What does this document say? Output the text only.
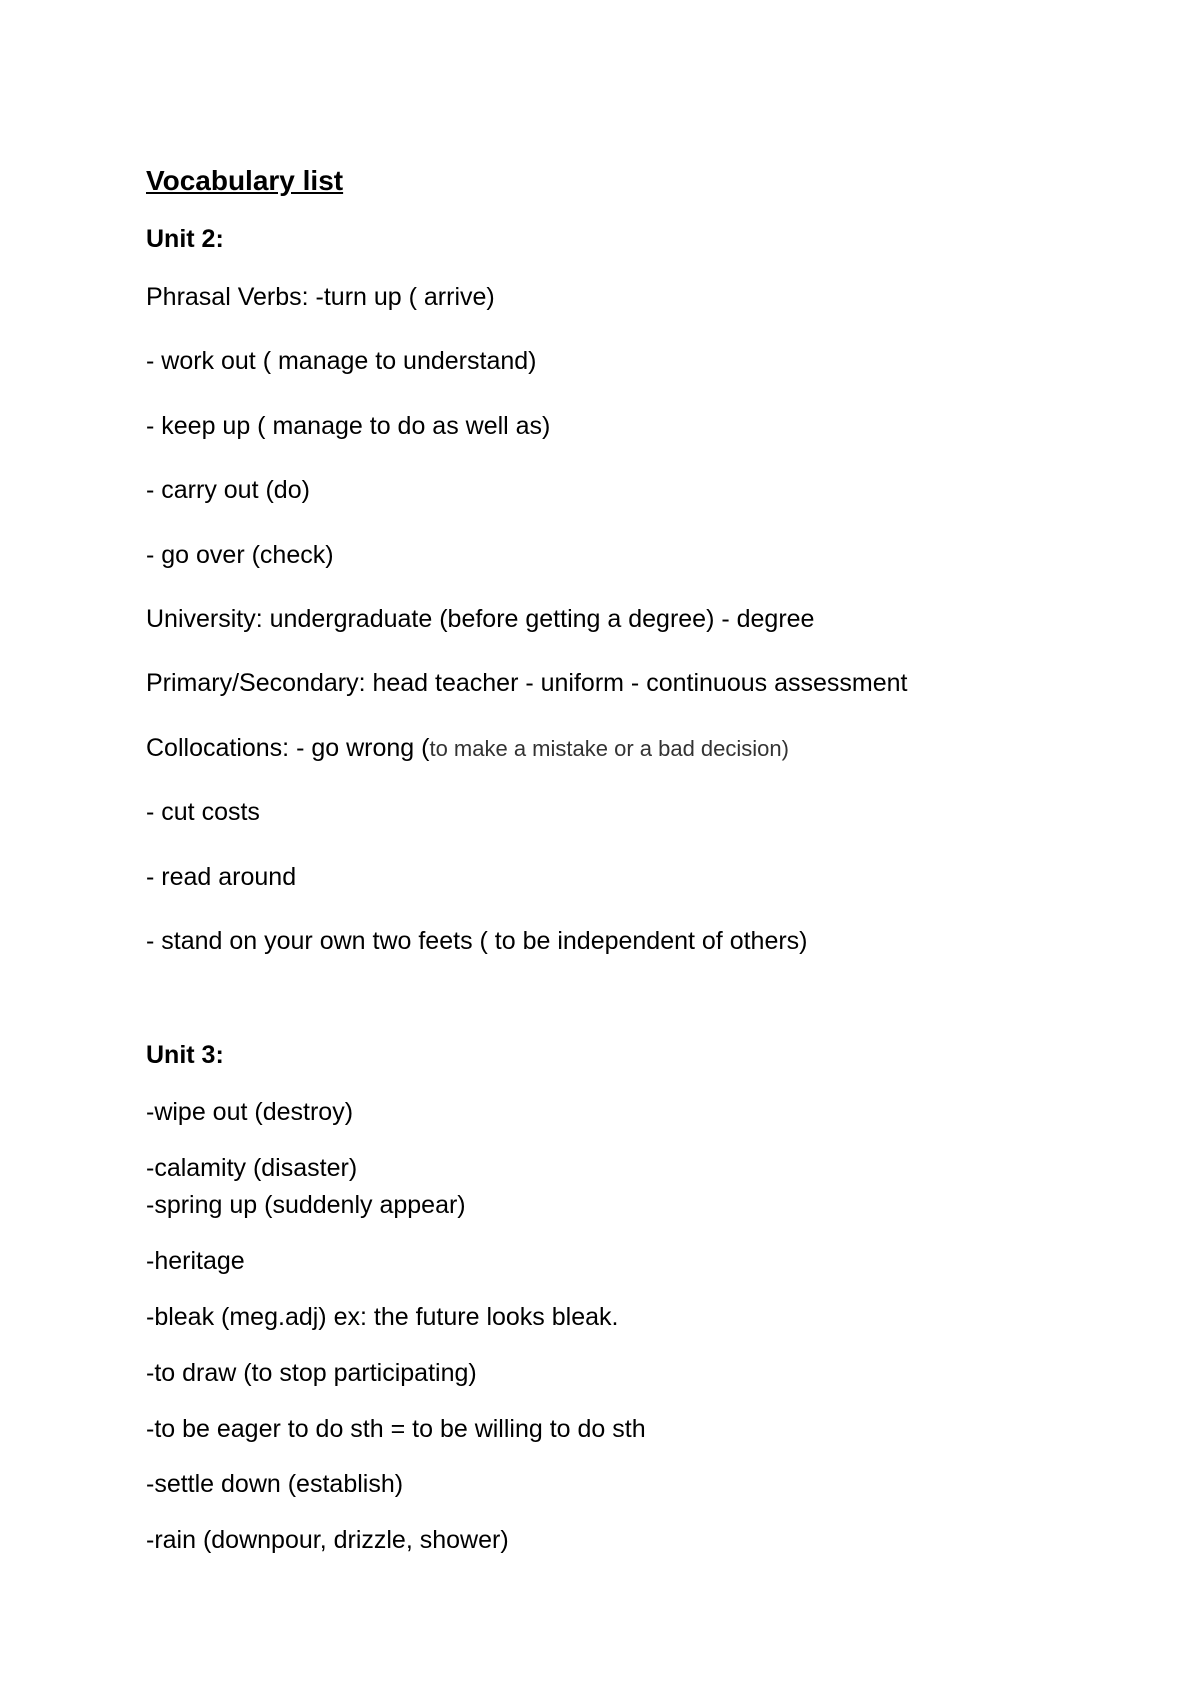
Vocabulary list
Unit 2:
Phrasal Verbs: -turn up ( arrive)
- work out ( manage to understand)
- keep up ( manage to do as well as)
- carry out (do)
- go over (check)
University: undergraduate (before getting a degree) - degree
Primary/Secondary: head teacher - uniform - continuous assessment
Collocations: - go wrong (to make a mistake or a bad decision)
- cut costs
- read around
- stand on your own two feets ( to be independent of others)
Unit 3:
-wipe out (destroy)
-calamity (disaster)
-spring up (suddenly appear)
-heritage
-bleak (meg.adj) ex: the future looks bleak.
-to draw (to stop participating)
-to be eager to do sth = to be willing to do sth
-settle down (establish)
-rain (downpour, drizzle, shower)
